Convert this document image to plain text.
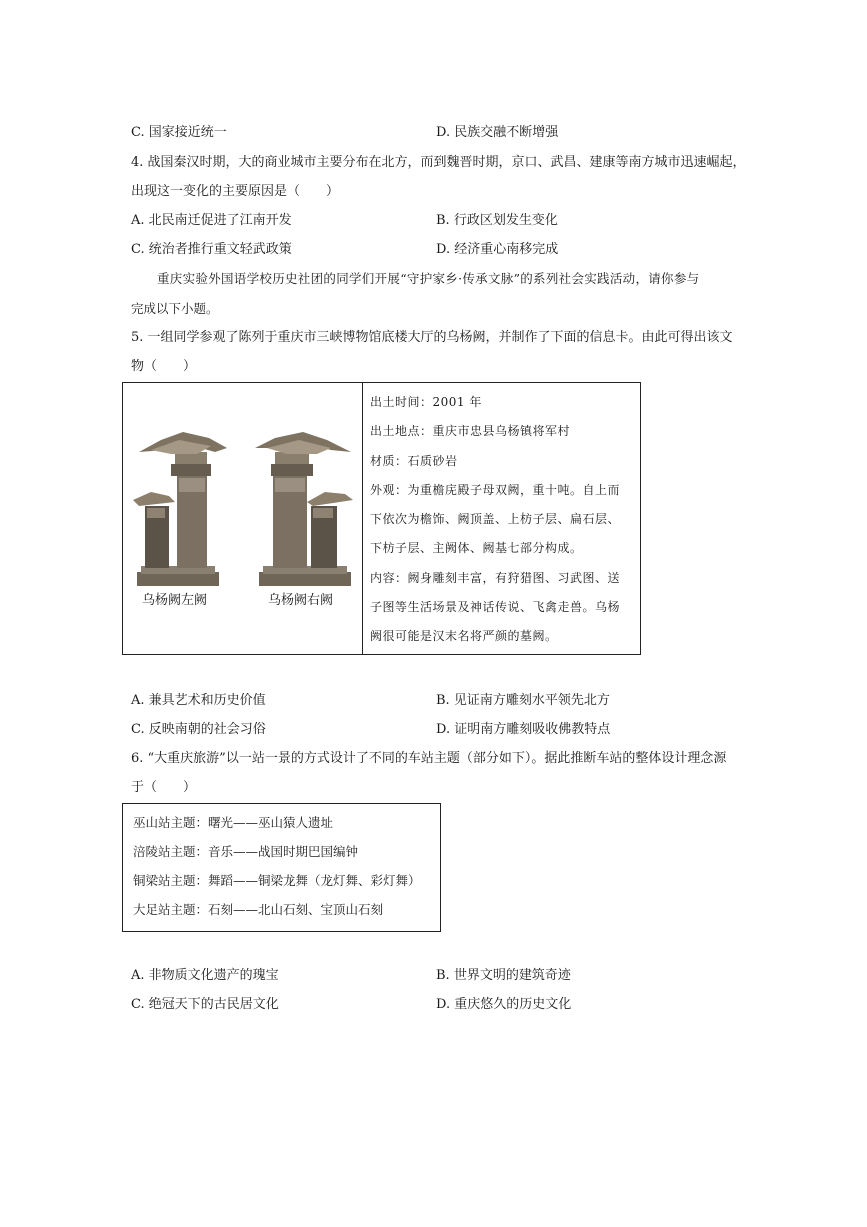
C. 国家接近统一	D. 民族交融不断增强
4. 战国秦汉时期，大的商业城市主要分布在北方，而到魏晋时期，京口、武昌、建康等南方城市迅速崛起，
出现这一变化的主要原因是（　　）
A. 北民南迁促进了江南开发	B. 行政区划发生变化
C. 统治者推行重文轻武政策	D. 经济重心南移完成
重庆实验外国语学校历史社团的同学们开展“守护家乡·传承文脉”的系列社会实践活动，请你参与
完成以下小题。
5. 一组同学参观了陈列于重庆市三峡博物馆底楼大厅的乌杨阙，并制作了下面的信息卡。由此可得出该文
物（　　）
乌杨阙左阙	乌杨阙右阙
出土时间：2001 年
出土地点：重庆市忠县乌杨镇将军村
材质：石质砂岩
外观：为重檐庑殿子母双阙，重十吨。自上而
下依次为檐饰、阙顶盖、上枋子层、扁石层、
下枋子层、主阙体、阙基七部分构成。
内容：阙身雕刻丰富，有狩猎图、习武图、送
子图等生活场景及神话传说、飞禽走兽。乌杨
阙很可能是汉末名将严颜的墓阙。
A. 兼具艺术和历史价值	B. 见证南方雕刻水平领先北方
C. 反映南朝的社会习俗	D. 证明南方雕刻吸收佛教特点
6. “大重庆旅游”以一站一景的方式设计了不同的车站主题（部分如下）。据此推断车站的整体设计理念源
于（　　）
巫山站主题：曙光——巫山猿人遗址
涪陵站主题：音乐——战国时期巴国编钟
铜梁站主题：舞蹈——铜梁龙舞（龙灯舞、彩灯舞）
大足站主题：石刻——北山石刻、宝顶山石刻
A. 非物质文化遗产的瑰宝	B. 世界文明的建筑奇迹
C. 绝冠天下的古民居文化	D. 重庆悠久的历史文化
